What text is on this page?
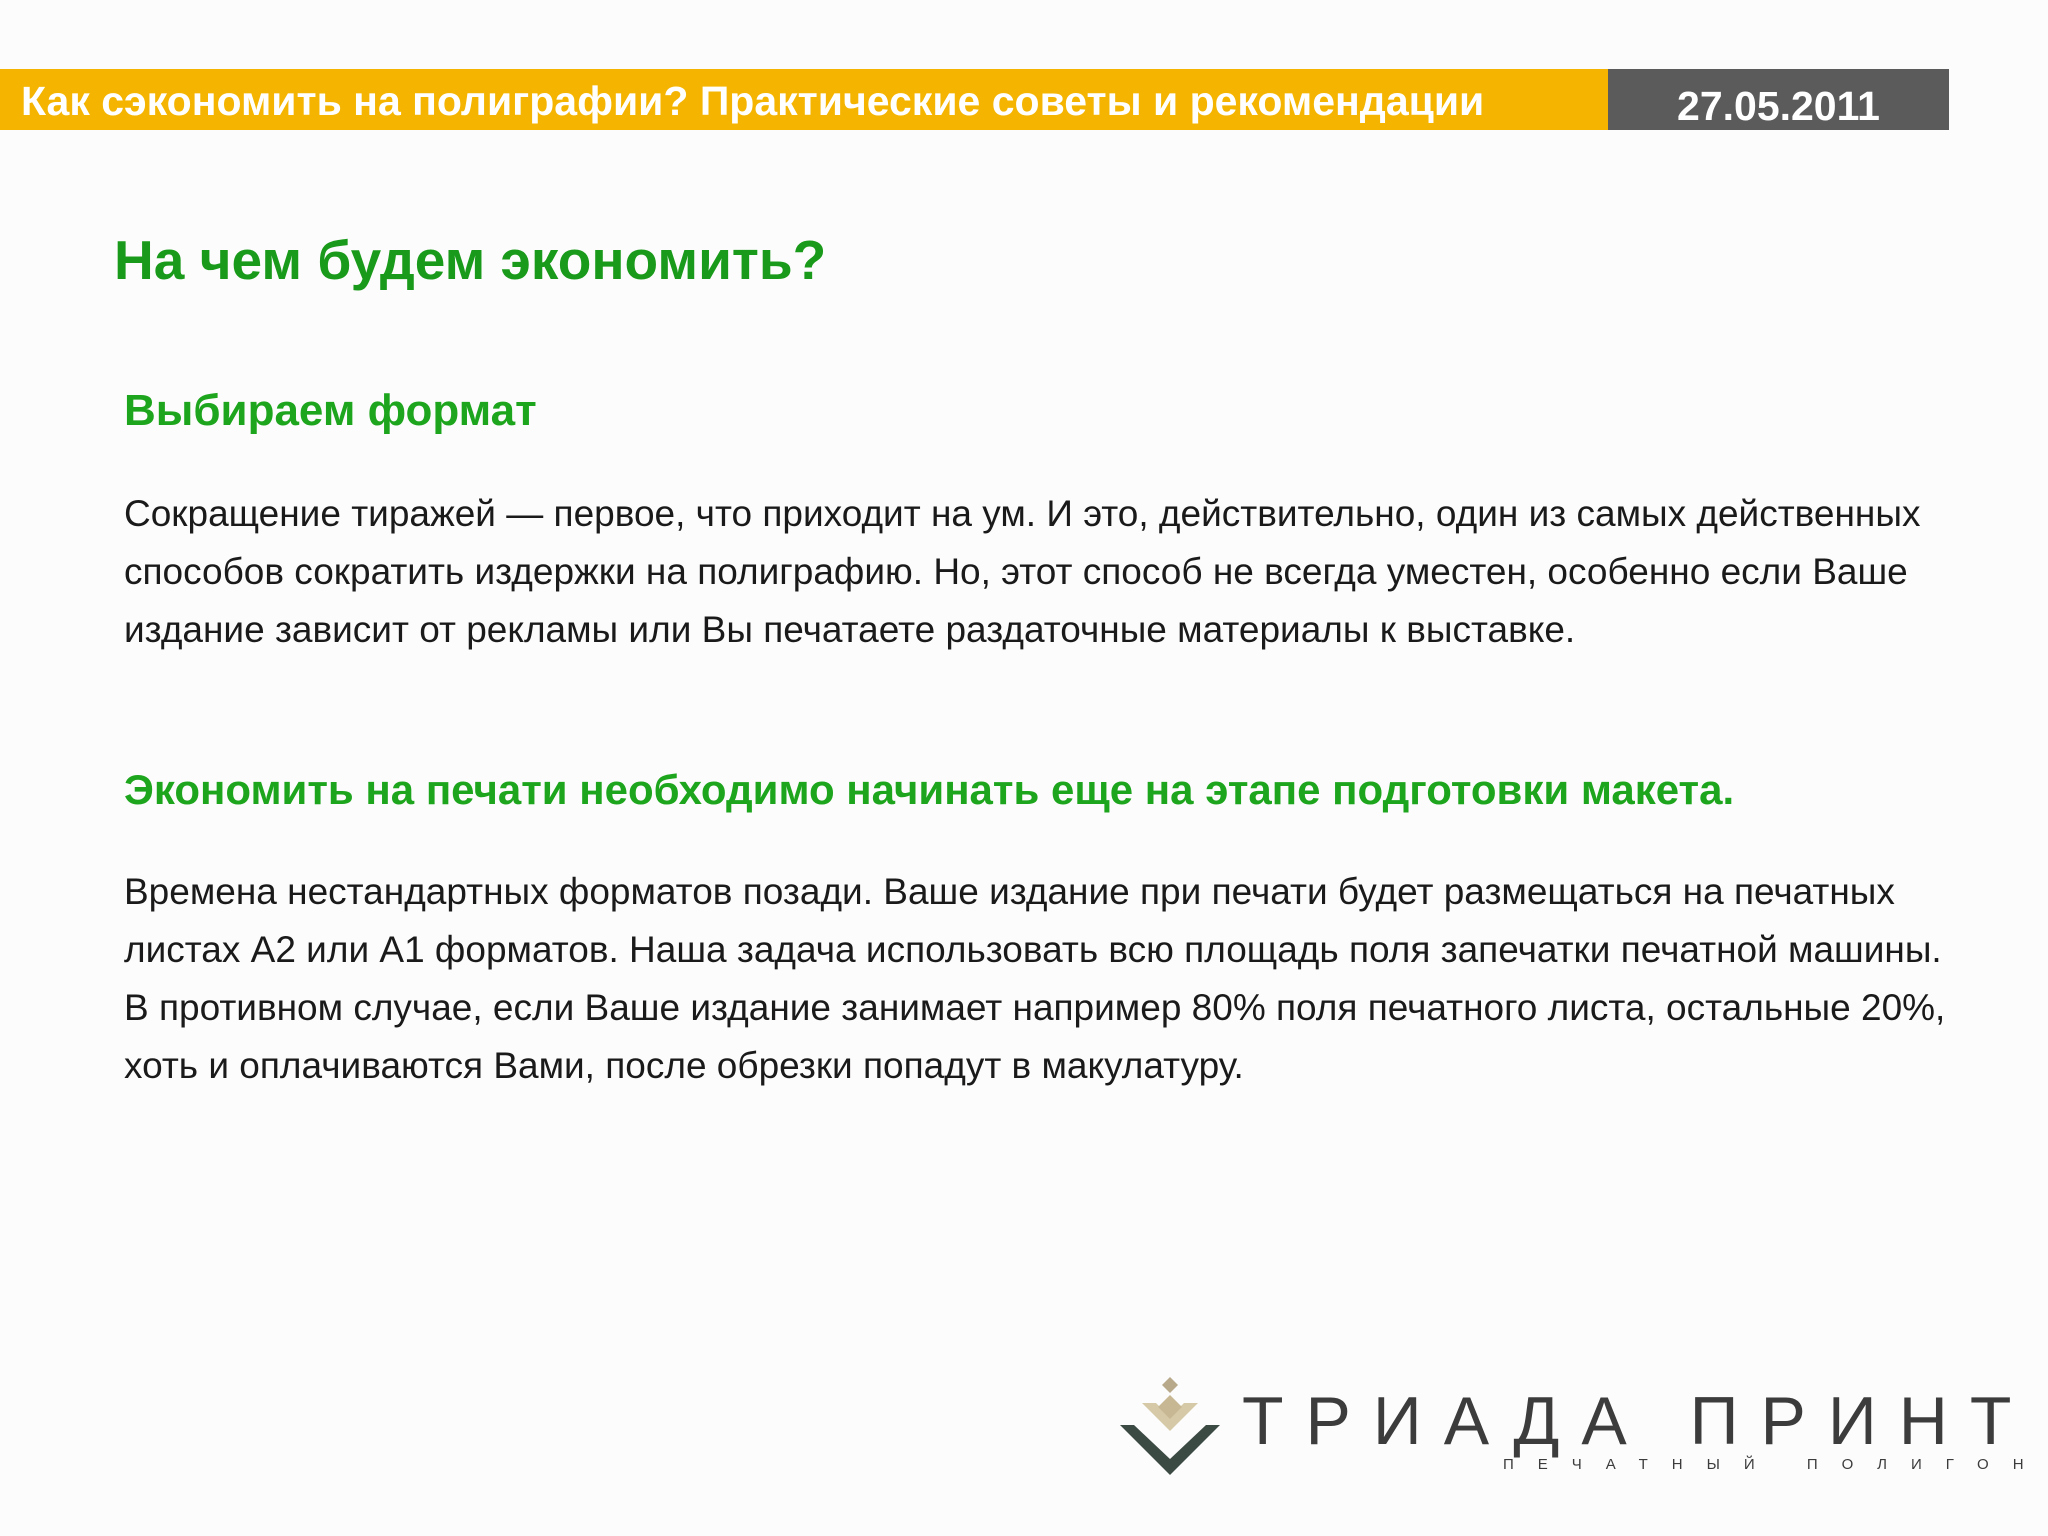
Как сэкономить на полиграфии? Практические советы и рекомендации	27.05.2011
На чем будем экономить?
Выбираем формат

Сокращение тиражей — первое, что приходит на ум. И это, действительно, один из самых действенных способов сократить издержки на полиграфию. Но, этот способ не всегда уместен, особенно если Ваше издание зависит от рекламы или Вы печатаете раздаточные материалы к выставке.

Экономить на печати необходимо начинать еще на этапе подготовки макета.

Времена нестандартных форматов позади. Ваше издание при печати будет размещаться на печатных листах А2 или А1 форматов. Наша задача использовать всю площадь поля запечатки печатной машины. В противном случае, если Ваше издание занимает например 80% поля печатного листа, остальные 20%, хоть и оплачиваются Вами, после обрезки попадут в макулатуру.

ТРИАДА ПРИНТ
ПЕЧАТНЫЙ ПОЛИГОН
